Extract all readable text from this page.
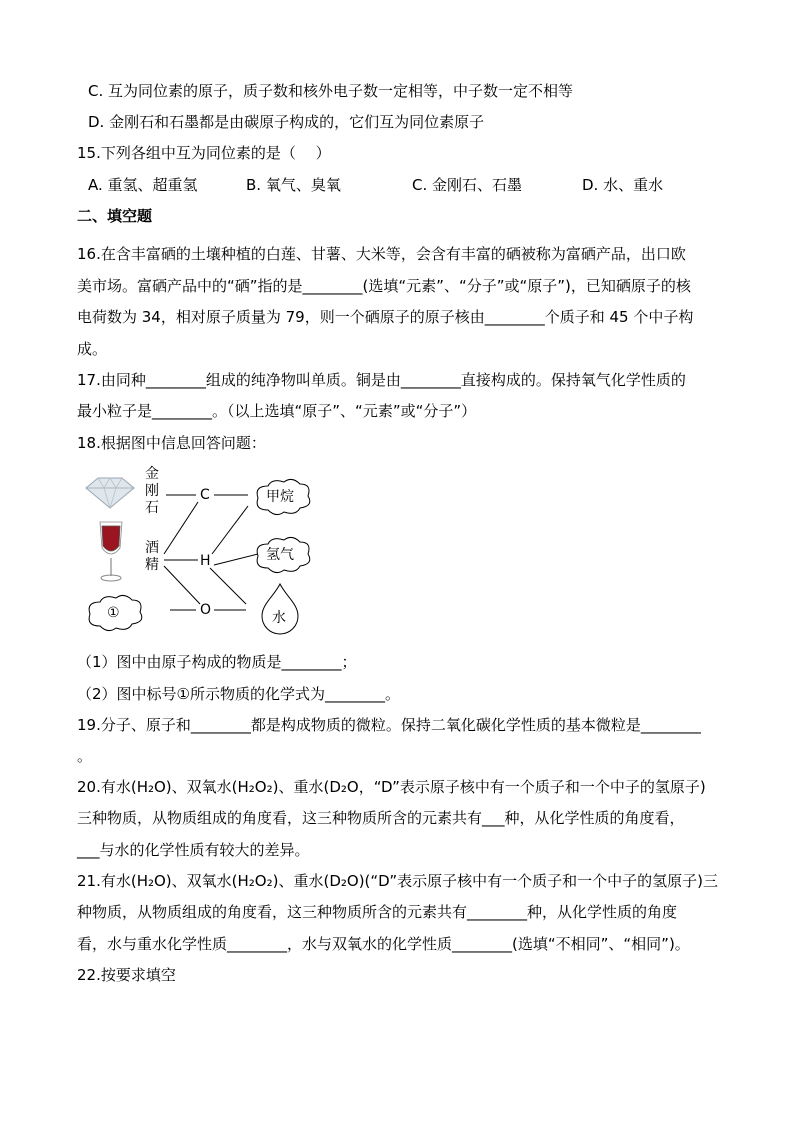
C. 互为同位素的原子，质子数和核外电子数一定相等，中子数一定不相等
D. 金刚石和石墨都是由碳原子构成的，它们互为同位素原子
15.下列各组中互为同位素的是（　 ）
A. 重氢、超重氢	B. 氧气、臭氧	C. 金刚石、石墨	D. 水、重水
二、填空题
16.在含丰富硒的土壤种植的白莲、甘薯、大米等，会含有丰富的硒被称为富硒产品，出口欧
美市场。富硒产品中的“硒”指的是________(选填“元素”、“分子”或“原子”)，已知硒原子的核
电荷数为 34，相对原子质量为 79，则一个硒原子的原子核由________个质子和 45 个中子构
成。
17.由同种________组成的纯净物叫单质。铜是由________直接构成的。保持氧气化学性质的
最小粒子是________。（以上选填“原子”、“元素”或“分子”）
18.根据图中信息回答问题：
金刚石
酒精
C
H
O
甲烷
氢气
①	水
（1）图中由原子构成的物质是________；
（2）图中标号①所示物质的化学式为________。
19.分子、原子和________都是构成物质的微粒。保持二氧化碳化学性质的基本微粒是________
。
20.有水(H₂O)、双氧水(H₂O₂)、重水(D₂O，“D”表示原子核中有一个质子和一个中子的氢原子)
三种物质，从物质组成的角度看，这三种物质所含的元素共有___种，从化学性质的角度看，
___与水的化学性质有较大的差异。
21.有水(H₂O)、双氧水(H₂O₂)、重水(D₂O)(“D”表示原子核中有一个质子和一个中子的氢原子)三
种物质，从物质组成的角度看，这三种物质所含的元素共有________种，从化学性质的角度
看，水与重水化学性质________，水与双氧水的化学性质________(选填“不相同”、“相同”)。
22.按要求填空
